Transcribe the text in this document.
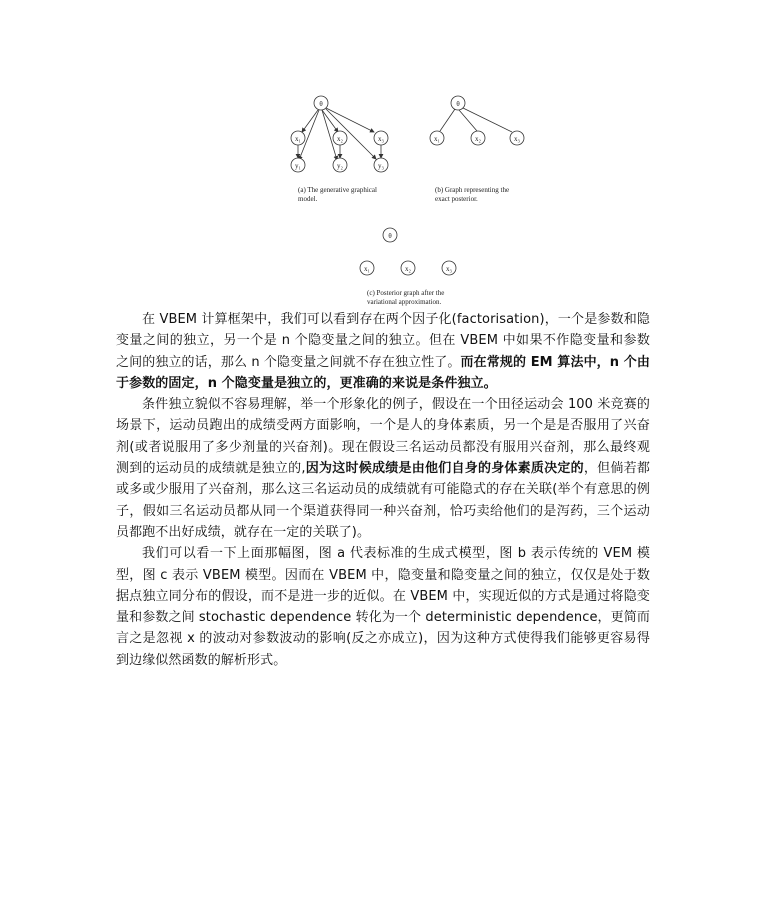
θ
x₁	x₂	x₃
y₁	y₂	y₃
(a) The generative graphical
model.
θ
x₁	x₂	x₃
(b) Graph representing the
exact posterior.
θ
x₁	x₂	x₃
(c) Posterior graph after the
variational approximation.

在 VBEM 计算框架中，我们可以看到存在两个因子化(factorisation)，一个是参数和隐变量之间的独立，另一个是 n 个隐变量之间的独立。但在 VBEM 中如果不作隐变量和参数之间的独立的话，那么 n 个隐变量之间就不存在独立性了。而在常规的 EM 算法中，n 个由于参数的固定，n 个隐变量是独立的，更准确的来说是条件独立。

条件独立貌似不容易理解，举一个形象化的例子，假设在一个田径运动会 100 米竞赛的场景下，运动员跑出的成绩受两方面影响，一个是人的身体素质，另一个是是否服用了兴奋剂(或者说服用了多少剂量的兴奋剂)。现在假设三名运动员都没有服用兴奋剂，那么最终观测到的运动员的成绩就是独立的,因为这时候成绩是由他们自身的身体素质决定的，但倘若都或多或少服用了兴奋剂，那么这三名运动员的成绩就有可能隐式的存在关联(举个有意思的例子，假如三名运动员都从同一个渠道获得同一种兴奋剂，恰巧卖给他们的是泻药，三个运动员都跑不出好成绩，就存在一定的关联了)。

我们可以看一下上面那幅图，图 a 代表标准的生成式模型，图 b 表示传统的 VEM 模型，图 c 表示 VBEM 模型。因而在 VBEM 中，隐变量和隐变量之间的独立，仅仅是处于数据点独立同分布的假设，而不是进一步的近似。在 VBEM 中，实现近似的方式是通过将隐变量和参数之间 stochastic dependence 转化为一个 deterministic dependence，更简而言之是忽视 x 的波动对参数波动的影响(反之亦成立)，因为这种方式使得我们能够更容易得到边缘似然函数的解析形式。
